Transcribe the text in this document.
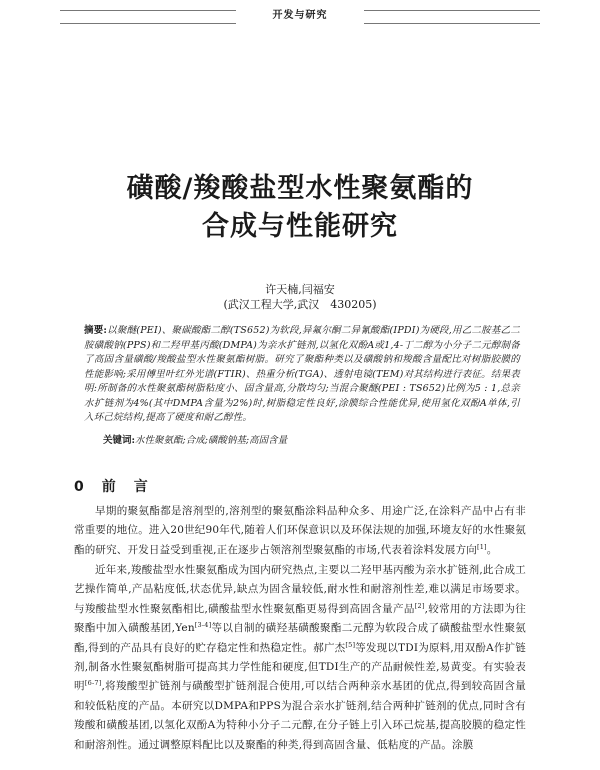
开发与研究
磺酸/羧酸盐型水性聚氨酯的
合成与性能研究
许天楠,闫福安
(武汉工程大学,武汉　430205)
摘要:以聚醚(PEI)、聚碳酸酯二醇(TS652)为软段,异氟尔酮二异氰酸酯(IPDI)为硬段,用乙二胺基乙二胺磺酸钠(PPS)和二羟甲基丙酸(DMPA)为亲水扩链剂,以氢化双酚A或1,4-丁二醇为小分子二元醇制备了高固含量磺酸/羧酸盐型水性聚氨酯树脂。研究了聚酯种类以及磺酸钠和羧酸含量配比对树脂胶膜的性能影响;采用傅里叶红外光谱(FTIR)、热重分析(TGA)、透射电镜(TEM)对其结构进行表征。结果表明:所制备的水性聚氨酯树脂粘度小、固含量高,分散均匀;当混合聚醚(PEI : TS652)比例为5 : 1,总亲水扩链剂为4%(其中DMPA含量为2%)时,树脂稳定性良好,涂膜综合性能优异,使用氢化双酚A单体,引入环己烷结构,提高了硬度和耐乙醇性。
关键词:水性聚氨酯;合成;磺酸钠基;高固含量
0 前　言

早期的聚氨酯都是溶剂型的,溶剂型的聚氨酯涂料品种众多、用途广泛,在涂料产品中占有非常重要的地位。进入20世纪90年代,随着人们环保意识以及环保法规的加强,环境友好的水性聚氨酯的研究、开发日益受到重视,正在逐步占领溶剂型聚氨酯的市场,代表着涂料发展方向[1]。

近年来,羧酸盐型水性聚氨酯成为国内研究热点,主要以二羟甲基丙酸为亲水扩链剂,此合成工艺操作简单,产品粘度低,状态优异,缺点为固含量较低,耐水性和耐溶剂性差,难以满足市场要求。与羧酸盐型水性聚氨酯相比,磺酸盐型水性聚氨酯更易得到高固含量产品[2],较常用的方法即为往聚酯中加入磺酸基团,Yen[3-4]等以自制的磺羟基磺酸聚酯二元醇为软段合成了磺酸盐型水性聚氨酯,得到的产品具有良好的贮存稳定性和热稳定性。郝广杰[5]等发现以TDI为原料,用双酚A作扩链剂,制备水性聚氨酯树脂可提高其力学性能和硬度,但TDI生产的产品耐候性差,易黄变。有实验表明[6-7],将羧酸型扩链剂与磺酸型扩链剂混合使用,可以结合两种亲水基团的优点,得到较高固含量和较低粘度的产品。本研究以DMPA和PPS为混合亲水扩链剂,结合两种扩链剂的优点,同时含有羧酸和磺酸基团,以氢化双酚A为特种小分子二元醇,在分子链上引入环己烷基,提高胶膜的稳定性和耐溶剂性。通过调整原料配比以及聚酯的种类,得到高固含量、低粘度的产品。涂膜
